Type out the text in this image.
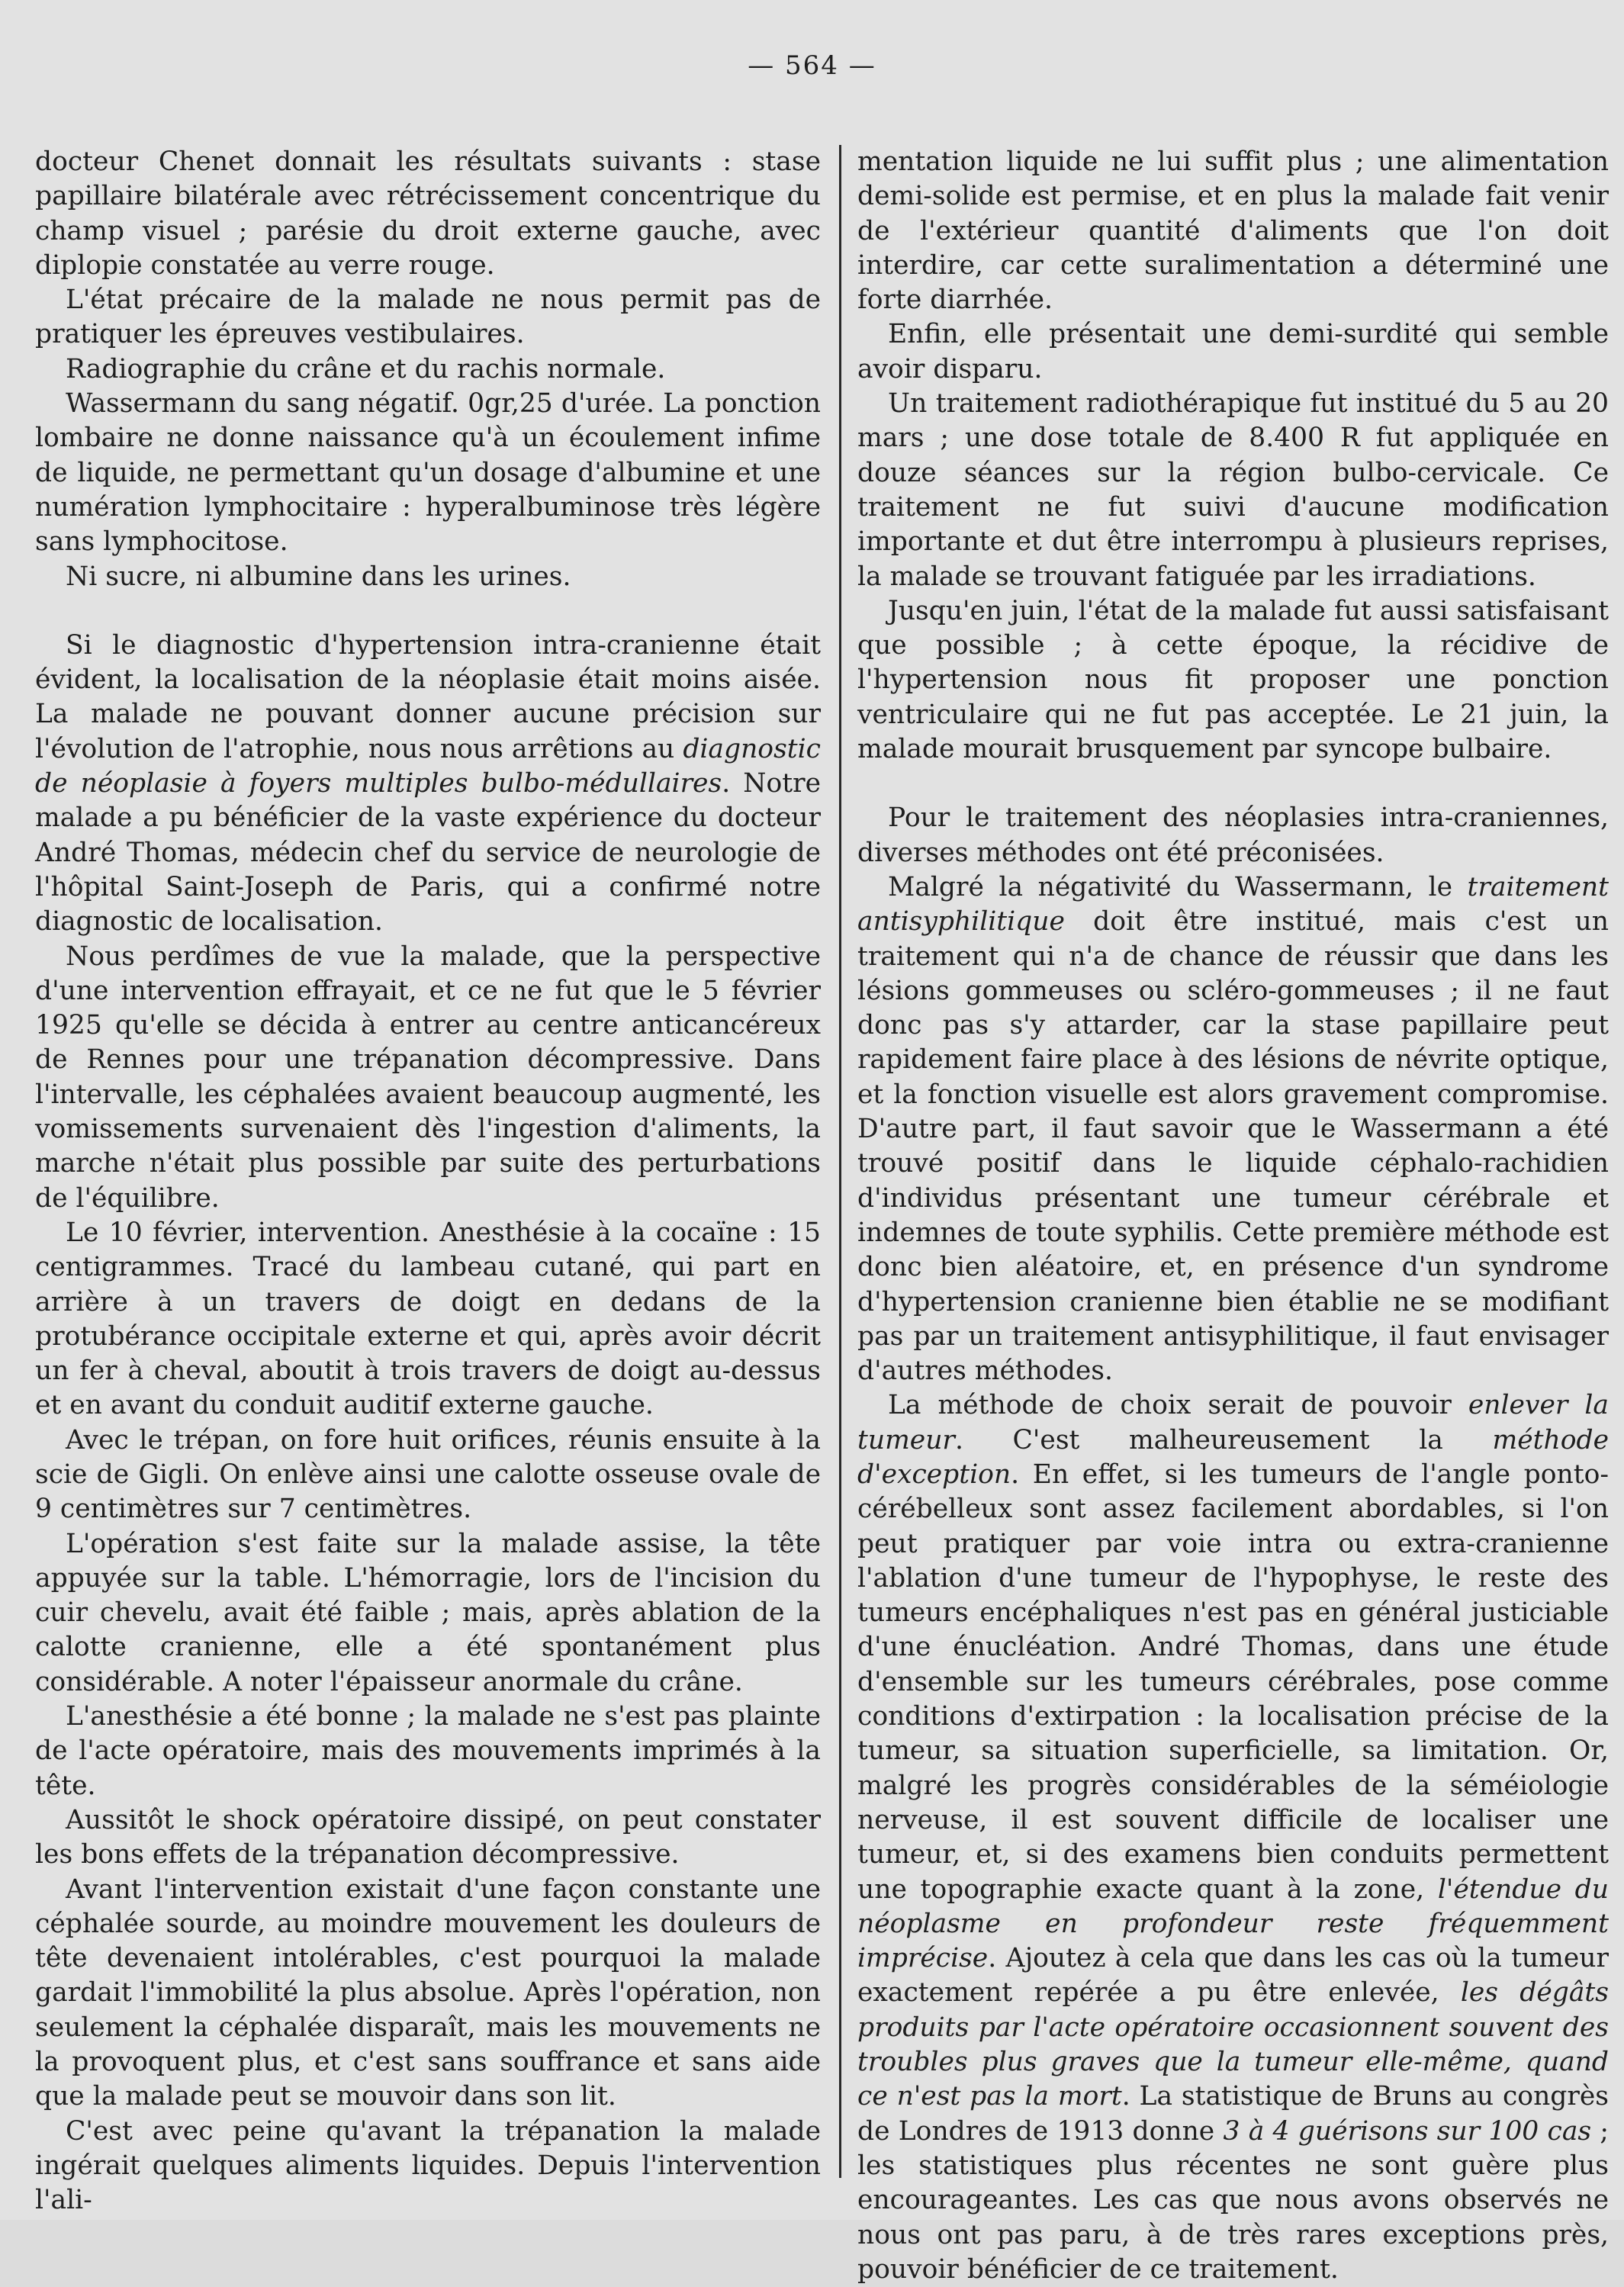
— 564 —

docteur Chenet donnait les résultats suivants : stase papillaire bilatérale avec rétrécissement concentrique du champ visuel ; parésie du droit externe gauche, avec diplopie constatée au verre rouge.

L'état précaire de la malade ne nous permit pas de pratiquer les épreuves vestibulaires.

Radiographie du crâne et du rachis normale.

Wassermann du sang négatif. 0gr,25 d'urée. La ponction lombaire ne donne naissance qu'à un écoulement infime de liquide, ne permettant qu'un dosage d'albumine et une numération lymphocitaire : hyperalbuminose très légère sans lymphocitose.

Ni sucre, ni albumine dans les urines.

Si le diagnostic d'hypertension intra-cranienne était évident, la localisation de la néoplasie était moins aisée. La malade ne pouvant donner aucune précision sur l'évolution de l'atrophie, nous nous arrêtions au diagnostic de néoplasie à foyers multiples bulbo-médullaires. Notre malade a pu bénéficier de la vaste expérience du docteur André Thomas, médecin chef du service de neurologie de l'hôpital Saint-Joseph de Paris, qui a confirmé notre diagnostic de localisation.

Nous perdîmes de vue la malade, que la perspective d'une intervention effrayait, et ce ne fut que le 5 février 1925 qu'elle se décida à entrer au centre anticancéreux de Rennes pour une trépanation décompressive. Dans l'intervalle, les céphalées avaient beaucoup augmenté, les vomissements survenaient dès l'ingestion d'aliments, la marche n'était plus possible par suite des perturbations de l'équilibre.

Le 10 février, intervention. Anesthésie à la cocaïne : 15 centigrammes. Tracé du lambeau cutané, qui part en arrière à un travers de doigt en dedans de la protubérance occipitale externe et qui, après avoir décrit un fer à cheval, aboutit à trois travers de doigt au-dessus et en avant du conduit auditif externe gauche.

Avec le trépan, on fore huit orifices, réunis ensuite à la scie de Gigli. On enlève ainsi une calotte osseuse ovale de 9 centimètres sur 7 centimètres.

L'opération s'est faite sur la malade assise, la tête appuyée sur la table. L'hémorragie, lors de l'incision du cuir chevelu, avait été faible ; mais, après ablation de la calotte cranienne, elle a été spontanément plus considérable. A noter l'épaisseur anormale du crâne.

L'anesthésie a été bonne ; la malade ne s'est pas plainte de l'acte opératoire, mais des mouvements imprimés à la tête.

Aussitôt le shock opératoire dissipé, on peut constater les bons effets de la trépanation décompressive.

Avant l'intervention existait d'une façon constante une céphalée sourde, au moindre mouvement les douleurs de tête devenaient intolérables, c'est pourquoi la malade gardait l'immobilité la plus absolue. Après l'opération, non seulement la céphalée disparaît, mais les mouvements ne la provoquent plus, et c'est sans souffrance et sans aide que la malade peut se mouvoir dans son lit.

C'est avec peine qu'avant la trépanation la malade ingérait quelques aliments liquides. Depuis l'intervention l'ali-

mentation liquide ne lui suffit plus ; une alimentation demi-solide est permise, et en plus la malade fait venir de l'extérieur quantité d'aliments que l'on doit interdire, car cette suralimentation a déterminé une forte diarrhée.

Enfin, elle présentait une demi-surdité qui semble avoir disparu.

Un traitement radiothérapique fut institué du 5 au 20 mars ; une dose totale de 8.400 R fut appliquée en douze séances sur la région bulbo-cervicale. Ce traitement ne fut suivi d'aucune modification importante et dut être interrompu à plusieurs reprises, la malade se trouvant fatiguée par les irradiations.

Jusqu'en juin, l'état de la malade fut aussi satisfaisant que possible ; à cette époque, la récidive de l'hypertension nous fit proposer une ponction ventriculaire qui ne fut pas acceptée. Le 21 juin, la malade mourait brusquement par syncope bulbaire.

Pour le traitement des néoplasies intra-craniennes, diverses méthodes ont été préconisées.

Malgré la négativité du Wassermann, le traitement antisyphilitique doit être institué, mais c'est un traitement qui n'a de chance de réussir que dans les lésions gommeuses ou scléro-gommeuses ; il ne faut donc pas s'y attarder, car la stase papillaire peut rapidement faire place à des lésions de névrite optique, et la fonction visuelle est alors gravement compromise. D'autre part, il faut savoir que le Wassermann a été trouvé positif dans le liquide céphalo-rachidien d'individus présentant une tumeur cérébrale et indemnes de toute syphilis. Cette première méthode est donc bien aléatoire, et, en présence d'un syndrome d'hypertension cranienne bien établie ne se modifiant pas par un traitement antisyphilitique, il faut envisager d'autres méthodes.

La méthode de choix serait de pouvoir enlever la tumeur. C'est malheureusement la méthode d'exception. En effet, si les tumeurs de l'angle ponto-cérébelleux sont assez facilement abordables, si l'on peut pratiquer par voie intra ou extra-cranienne l'ablation d'une tumeur de l'hypophyse, le reste des tumeurs encéphaliques n'est pas en général justiciable d'une énucléation. André Thomas, dans une étude d'ensemble sur les tumeurs cérébrales, pose comme conditions d'extirpation : la localisation précise de la tumeur, sa situation superficielle, sa limitation. Or, malgré les progrès considérables de la séméiologie nerveuse, il est souvent difficile de localiser une tumeur, et, si des examens bien conduits permettent une topographie exacte quant à la zone, l'étendue du néoplasme en profondeur reste fréquemment imprécise. Ajoutez à cela que dans les cas où la tumeur exactement repérée a pu être enlevée, les dégâts produits par l'acte opératoire occasionnent souvent des troubles plus graves que la tumeur elle-même, quand ce n'est pas la mort. La statistique de Bruns au congrès de Londres de 1913 donne 3 à 4 guérisons sur 100 cas ; les statistiques plus récentes ne sont guère plus encourageantes. Les cas que nous avons observés ne nous ont pas paru, à de très rares exceptions près, pouvoir bénéficier de ce traitement.
